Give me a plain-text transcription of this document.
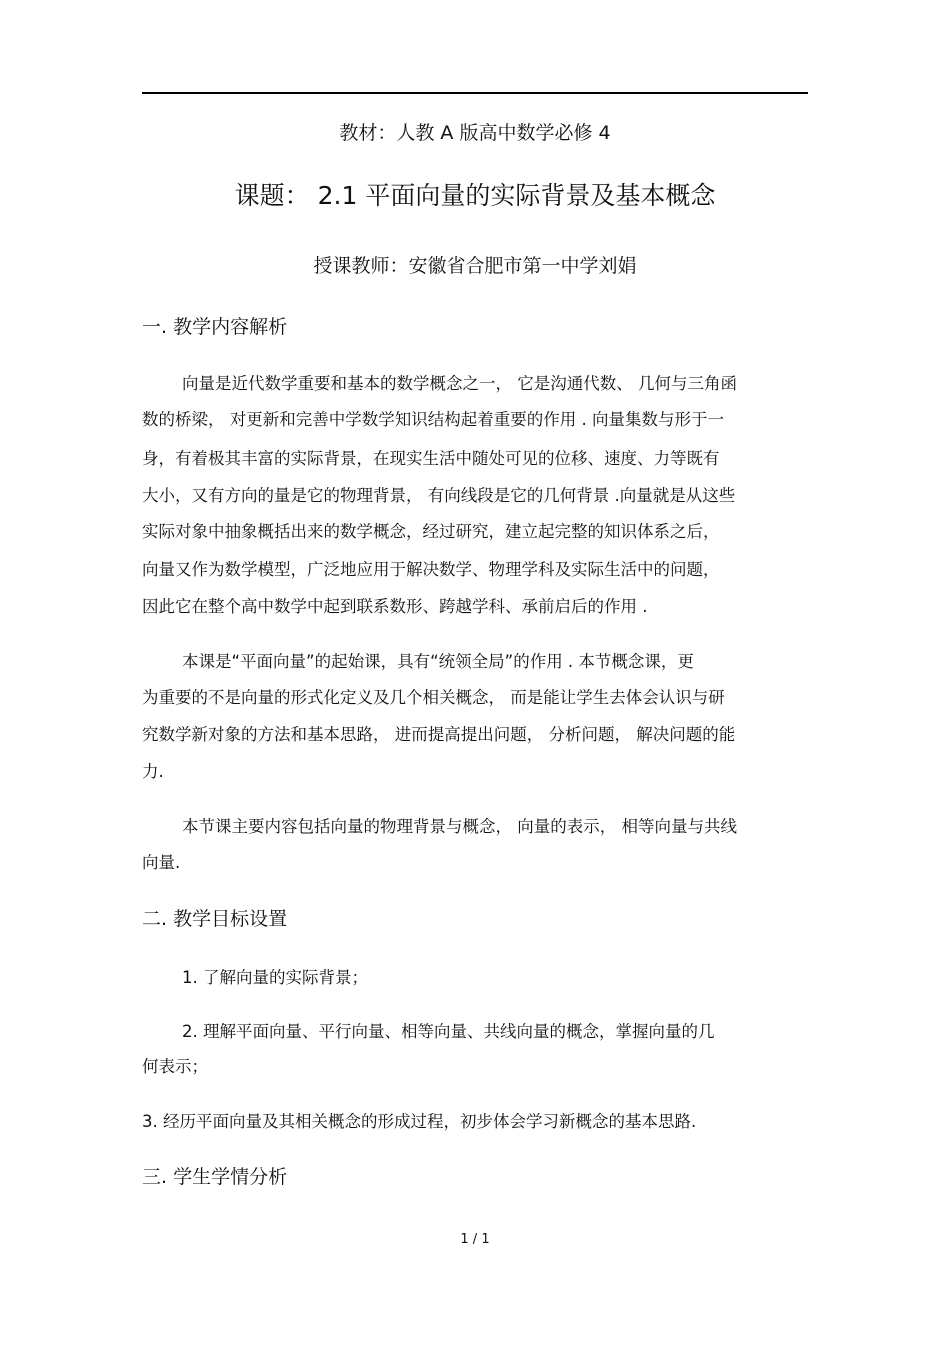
教材：人教 A 版高中数学必修 4
课题： 2.1 平面向量的实际背景及基本概念
授课教师：安徽省合肥市第一中学刘娟
一. 教学内容解析
向量是近代数学重要和基本的数学概念之一， 它是沟通代数、 几何与三角函
数的桥梁， 对更新和完善中学数学知识结构起着重要的作用 . 向量集数与形于一
身，有着极其丰富的实际背景，在现实生活中随处可见的位移、速度、力等既有
大小，又有方向的量是它的物理背景， 有向线段是它的几何背景 .向量就是从这些
实际对象中抽象概括出来的数学概念，经过研究，建立起完整的知识体系之后，
向量又作为数学模型，广泛地应用于解决数学、物理学科及实际生活中的问题，
因此它在整个高中数学中起到联系数形、跨越学科、承前启后的作用 .
本课是“平面向量”的起始课，具有“统领全局”的作用 . 本节概念课，更
为重要的不是向量的形式化定义及几个相关概念， 而是能让学生去体会认识与研
究数学新对象的方法和基本思路， 进而提高提出问题， 分析问题， 解决问题的能
力.
本节课主要内容包括向量的物理背景与概念， 向量的表示， 相等向量与共线
向量.
二. 教学目标设置
1. 了解向量的实际背景；
2. 理解平面向量、平行向量、相等向量、共线向量的概念，掌握向量的几
何表示；
3. 经历平面向量及其相关概念的形成过程，初步体会学习新概念的基本思路.
三. 学生学情分析
1 / 1
